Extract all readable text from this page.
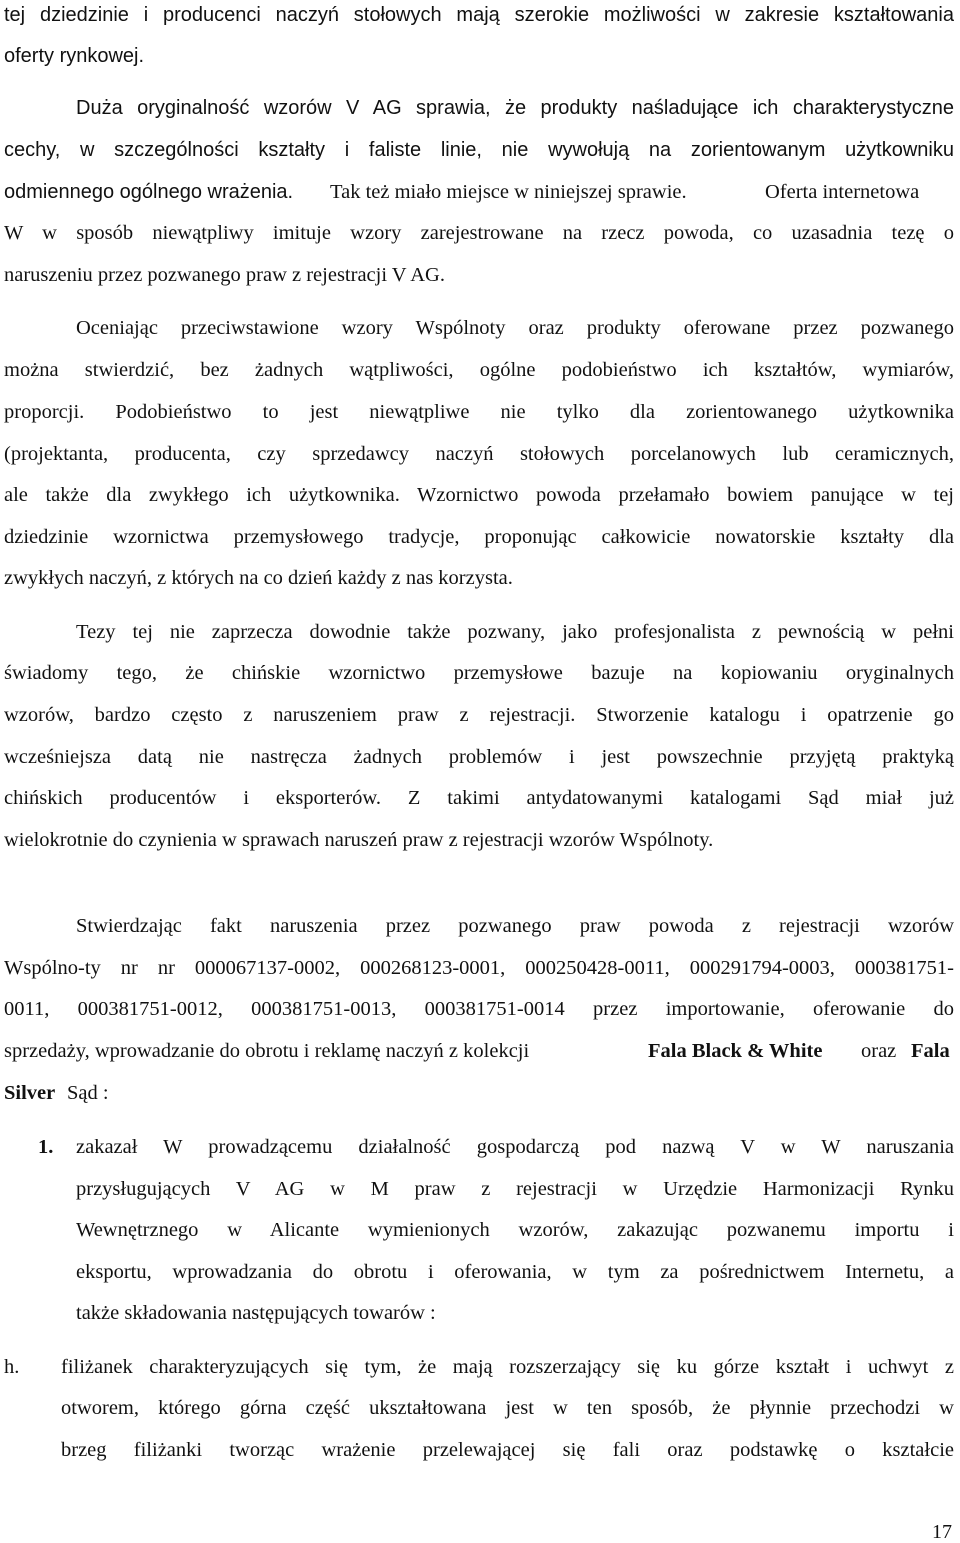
tej dziedzinie i producenci naczyń stołowych mają szerokie możliwości w zakresie kształtowania
oferty rynkowej.
Duża oryginalność wzorów V AG sprawia, że produkty naśladujące ich charakterystyczne
cechy, w szczególności kształty i faliste linie, nie wywołują na zorientowanym użytkowniku
odmiennego ogólnego wrażenia. Tak też miało miejsce w niniejszej sprawie.	Oferta internetowa
W w sposób niewątpliwy imituje wzory zarejestrowane na rzecz powoda, co uzasadnia tezę o
naruszeniu przez pozwanego praw z rejestracji V AG.
Oceniając przeciwstawione wzory Wspólnoty oraz produkty oferowane przez pozwanego
można stwierdzić, bez żadnych wątpliwości, ogólne podobieństwo ich kształtów, wymiarów,
proporcji. Podobieństwo to jest niewątpliwe nie tylko dla zorientowanego użytkownika
(projektanta, producenta, czy sprzedawcy naczyń stołowych porcelanowych lub ceramicznych,
ale także dla zwykłego ich użytkownika. Wzornictwo powoda przełamało bowiem panujące w tej
dziedzinie wzornictwa przemysłowego tradycje, proponując całkowicie nowatorskie kształty dla
zwykłych naczyń, z których na co dzień każdy z nas korzysta.
Tezy tej nie zaprzecza dowodnie także pozwany, jako profesjonalista z pewnością w pełni
świadomy tego, że chińskie wzornictwo przemysłowe bazuje na kopiowaniu oryginalnych
wzorów, bardzo często z naruszeniem praw z rejestracji. Stworzenie katalogu i opatrzenie go
wcześniejsza datą nie nastręcza żadnych problemów i jest powszechnie przyjętą praktyką
chińskich producentów i eksporterów. Z takimi antydatowanymi katalogami Sąd miał już
wielokrotnie do czynienia w sprawach naruszeń praw z rejestracji wzorów Wspólnoty.
Stwierdzając fakt naruszenia przez pozwanego praw powoda z rejestracji wzorów
Wspólno-ty nr nr 000067137-0002, 000268123-0001, 000250428-0011, 000291794-0003, 000381751-
0011, 000381751-0012, 000381751-0013, 000381751-0014 przez importowanie, oferowanie do
sprzedaży, wprowadzanie do obrotu i reklamę naczyń z kolekcji	Fala Black & White oraz Fala
Silver Sąd :
1. zakazał W prowadzącemu działalność gospodarczą pod nazwą V w W naruszania
przysługujących V AG w M praw z rejestracji w Urzędzie Harmonizacji Rynku
Wewnętrznego w Alicante wymienionych wzorów, zakazując pozwanemu importu i
eksportu, wprowadzania do obrotu i oferowania, w tym za pośrednictwem Internetu, a
także składowania następujących towarów :
h. filiżanek charakteryzujących się tym, że mają rozszerzający się ku górze kształt i uchwyt z
otworem, którego górna część ukształtowana jest w ten sposób, że płynnie przechodzi w
brzeg filiżanki tworząc wrażenie przelewającej się fali oraz podstawkę o kształcie
17
